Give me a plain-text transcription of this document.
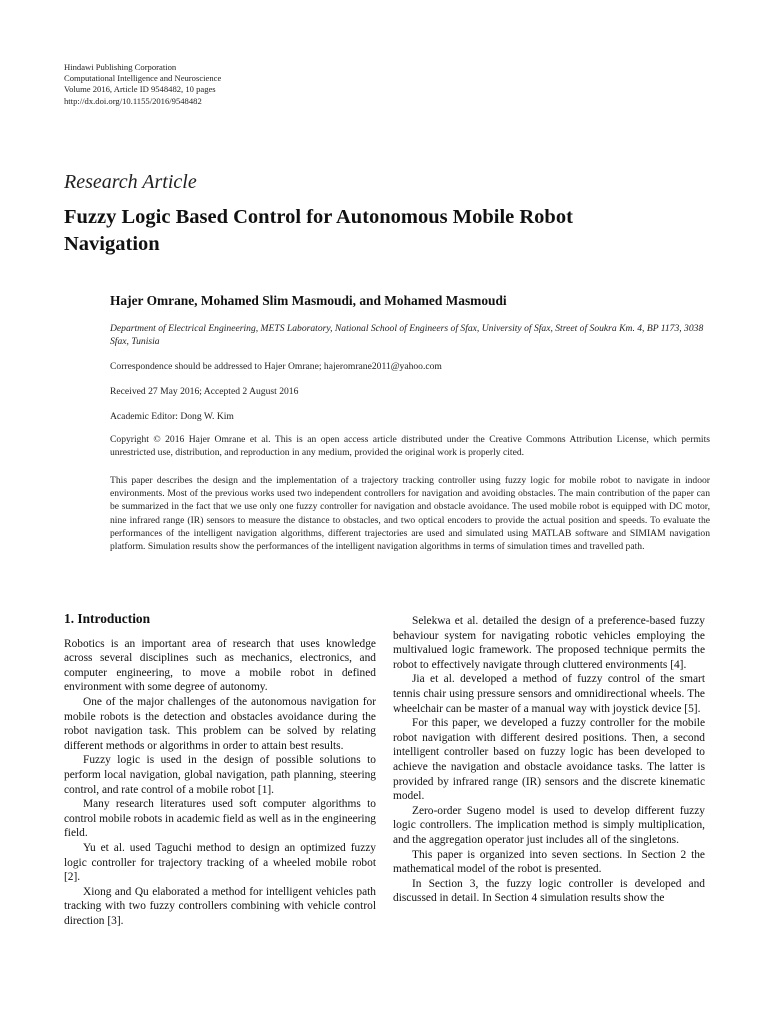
Hindawi Publishing Corporation
Computational Intelligence and Neuroscience
Volume 2016, Article ID 9548482, 10 pages
http://dx.doi.org/10.1155/2016/9548482
Research Article
Fuzzy Logic Based Control for Autonomous Mobile Robot Navigation
Hajer Omrane, Mohamed Slim Masmoudi, and Mohamed Masmoudi
Department of Electrical Engineering, METS Laboratory, National School of Engineers of Sfax, University of Sfax, Street of Soukra Km. 4, BP 1173, 3038 Sfax, Tunisia
Correspondence should be addressed to Hajer Omrane; hajeromrane2011@yahoo.com
Received 27 May 2016; Accepted 2 August 2016
Academic Editor: Dong W. Kim
Copyright © 2016 Hajer Omrane et al. This is an open access article distributed under the Creative Commons Attribution License, which permits unrestricted use, distribution, and reproduction in any medium, provided the original work is properly cited.
This paper describes the design and the implementation of a trajectory tracking controller using fuzzy logic for mobile robot to navigate in indoor environments. Most of the previous works used two independent controllers for navigation and avoiding obstacles. The main contribution of the paper can be summarized in the fact that we use only one fuzzy controller for navigation and obstacle avoidance. The used mobile robot is equipped with DC motor, nine infrared range (IR) sensors to measure the distance to obstacles, and two optical encoders to provide the actual position and speeds. To evaluate the performances of the intelligent navigation algorithms, different trajectories are used and simulated using MATLAB software and SIMIAM navigation platform. Simulation results show the performances of the intelligent navigation algorithms in terms of simulation times and travelled path.
1. Introduction

Robotics is an important area of research that uses knowledge across several disciplines such as mechanics, electronics, and computer engineering, to move a mobile robot in defined environment with some degree of autonomy.

One of the major challenges of the autonomous navigation for mobile robots is the detection and obstacles avoidance during the robot navigation task. This problem can be solved by relating different methods or algorithms in order to attain best results.

Fuzzy logic is used in the design of possible solutions to perform local navigation, global navigation, path planning, steering control, and rate control of a mobile robot [1].

Many research literatures used soft computer algorithms to control mobile robots in academic field as well as in the engineering field.

Yu et al. used Taguchi method to design an optimized fuzzy logic controller for trajectory tracking of a wheeled mobile robot [2].

Xiong and Qu elaborated a method for intelligent vehicles path tracking with two fuzzy controllers combining with vehicle control direction [3].

Selekwa et al. detailed the design of a preference-based fuzzy behaviour system for navigating robotic vehicles employing the multivalued logic framework. The proposed technique permits the robot to effectively navigate through cluttered environments [4].

Jia et al. developed a method of fuzzy control of the smart tennis chair using pressure sensors and omnidirectional wheels. The wheelchair can be master of a manual way with joystick device [5].

For this paper, we developed a fuzzy controller for the mobile robot navigation with different desired positions. Then, a second intelligent controller based on fuzzy logic has been developed to achieve the navigation and obstacle avoidance tasks. The latter is provided by infrared range (IR) sensors and the discrete kinematic model.

Zero-order Sugeno model is used to develop different fuzzy logic controllers. The implication method is simply multiplication, and the aggregation operator just includes all of the singletons.

This paper is organized into seven sections. In Section 2 the mathematical model of the robot is presented.

In Section 3, the fuzzy logic controller is developed and discussed in detail. In Section 4 simulation results show the
